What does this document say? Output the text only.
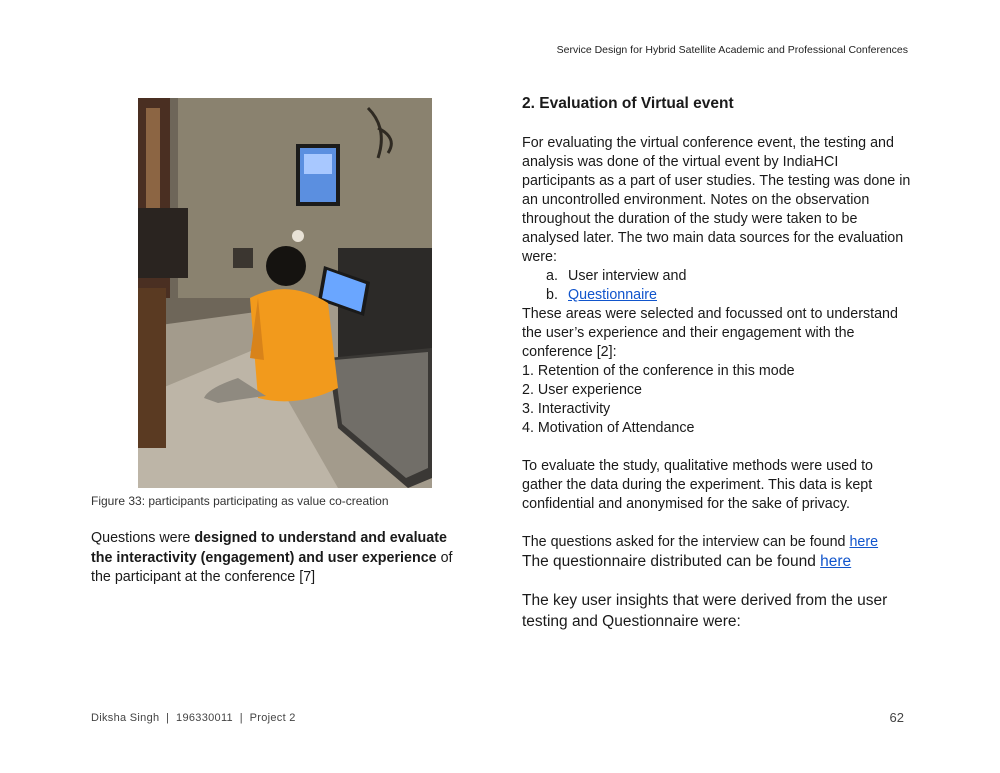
Service Design for Hybrid Satellite Academic and Professional Conferences
Figure 33: participants participating as value co-creation

Questions were designed to understand and evaluate the interactivity (engagement) and user experience of the participant at the conference [7]

2. Evaluation of Virtual event

For evaluating the virtual conference event, the testing and analysis was done of the virtual event by IndiaHCI participants as a part of user studies. The testing was done in an uncontrolled environment. Notes on the observation throughout the duration of the study were taken to be analysed later. The two main data sources for the evaluation were:

a. User interview and
b. Questionnaire

These areas were selected and focussed ont to understand the user’s experience and their engagement with the conference [2]:

1. Retention of the conference in this mode
2. User experience
3. Interactivity
4. Motivation of Attendance

To evaluate the study, qualitative methods were used to gather the data during the experiment. This data is kept confidential and anonymised for the sake of privacy.

The questions asked for the interview can be found here

The questionnaire distributed can be found here

The key user insights that were derived from the user testing and Questionnaire were:

Diksha Singh | 196330011 | Project 2	62
